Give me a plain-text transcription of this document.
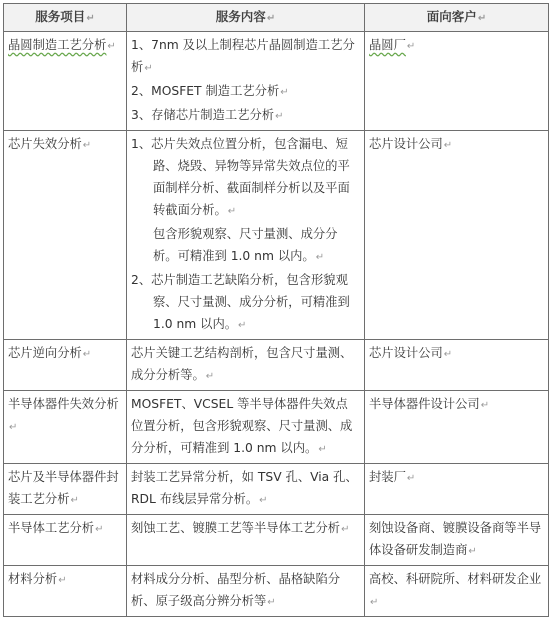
服务项目↵	服务内容↵	面向客户↵
晶圆制造工艺分析↵	1、7nm 及以上制程芯片晶圆制造工艺分析↵
2、MOSFET 制造工艺分析↵
3、存储芯片制造工艺分析↵	晶圆厂↵
芯片失效分析↵	1、芯片失效点位置分析，包含漏电、短路、烧毁、异物等异常失效点位的平面制样分析、截面制样分析以及平面转截面分析。↵
包含形貌观察、尺寸量测、成分分析。可精准到 1.0 nm 以内。↵
2、芯片制造工艺缺陷分析，包含形貌观察、尺寸量测、成分分析，可精准到 1.0 nm 以内。↵	芯片设计公司↵
芯片逆向分析↵	芯片关键工艺结构剖析，包含尺寸量测、成分分析等。↵	芯片设计公司↵
半导体器件失效分析↵	MOSFET、VCSEL 等半导体器件失效点位置分析，包含形貌观察、尺寸量测、成分分析，可精准到 1.0 nm 以内。↵	半导体器件设计公司↵
芯片及半导体器件封装工艺分析↵	封装工艺异常分析，如 TSV 孔、Via 孔、RDL 布线层异常分析。↵	封装厂↵
半导体工艺分析↵	刻蚀工艺、镀膜工艺等半导体工艺分析↵	刻蚀设备商、镀膜设备商等半导体设备研发制造商↵
材料分析↵	材料成分分析、晶型分析、晶格缺陷分析、原子级高分辨分析等↵	高校、科研院所、材料研发企业↵
